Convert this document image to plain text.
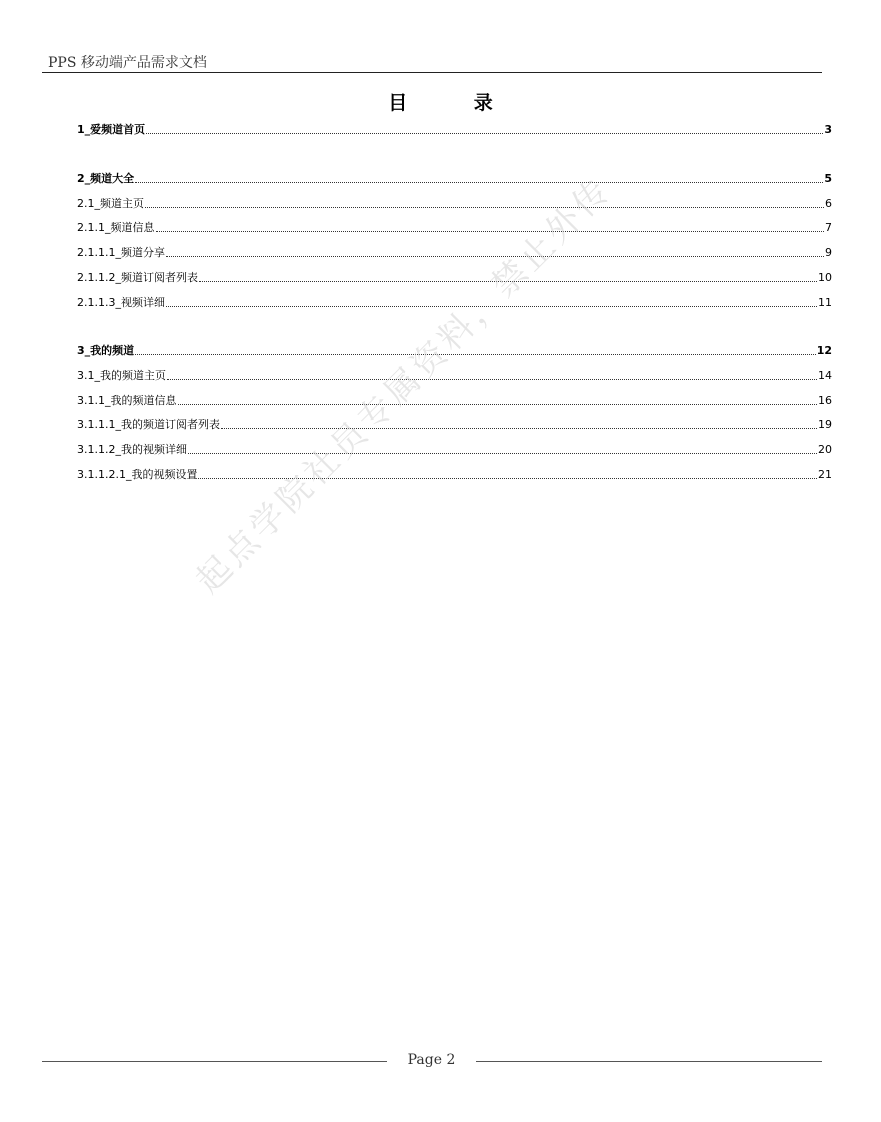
PPS 移动端产品需求文档
目 录
1_爱频道首页	3
2_频道大全	5
2.1_频道主页	6
2.1.1_频道信息	7
2.1.1.1_频道分享	9
2.1.1.2_频道订阅者列表	10
2.1.1.3_视频详细	11
3_我的频道	12
3.1_我的频道主页	14
3.1.1_我的频道信息	16
3.1.1.1_我的频道订阅者列表	19
3.1.1.2_我的视频详细	20
3.1.1.2.1_我的视频设置	21
起点学院社员专属资料，禁止外传
Page 2
